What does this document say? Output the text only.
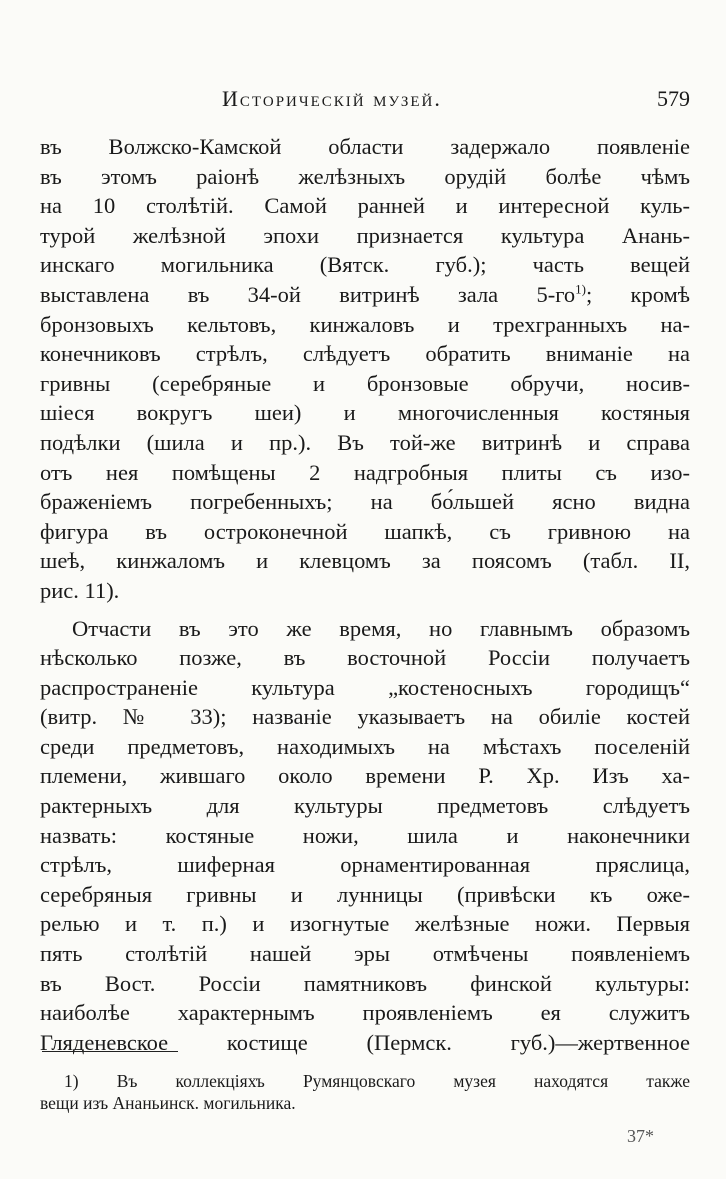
Историческiй музей.	579
въ Волжско-Камской области задержало появленiе
въ этомъ раiонѣ желѣзныхъ орудiй болѣе чѣмъ
на 10 столѣтiй. Самой ранней и интересной куль-
турой желѣзной эпохи признается культура Анань-
инскаго могильника (Вятск. губ.); часть вещей
выставлена въ 34-ой витринѣ зала $5-го^{1)}$; кромѣ
бронзовыхъ кельтовъ, кинжаловъ и трехгранныхъ на-
конечниковъ стрѣлъ, слѣдуетъ обратить вниманiе на
гривны (серебряные и бронзовые обручи, носив-
шiеся вокругъ шеи) и многочисленныя костяныя
подѣлки (шила и пр.). Въ той-же витринѣ и справа
отъ нея помѣщены 2 надгробныя плиты съ изо-
браженiемъ погребенныхъ; на бо́льшей ясно видна
фигура въ остроконечной шапкѣ, съ гривною на
шеѣ, кинжаломъ и клевцомъ за поясомъ (табл. II,
рис. 11).
Отчасти въ это же время, но главнымъ образомъ
нѣсколько позже, въ восточной Россiи получаетъ
распространенiе культура „костеносныхъ городищъ“
(витр. № 33); названiе указываетъ на обилiе костей
среди предметовъ, находимыхъ на мѣстахъ поселенiй
племени, жившаго около времени Р. Хр. Изъ ха-
рактерныхъ для культуры предметовъ слѣдуетъ
назвать: костяные ножи, шила и наконечники
стрѣлъ, шиферная орнаментированная пряслица,
серебряныя гривны и лунницы (привѣски къ оже-
релью и т. п.) и изогнутые желѣзные ножи. Первыя
пять столѣтiй нашей эры отмѣчены появленiемъ
въ Вост. Россiи памятниковъ финской культуры:
наиболѣе характернымъ проявленiемъ ея служитъ
Гляденевское костище (Пермск. губ.)—жертвенное
1) Въ коллекцiяхъ Румянцовскаго музея находятся также
вещи изъ Ананьинск. могильника.
37*
